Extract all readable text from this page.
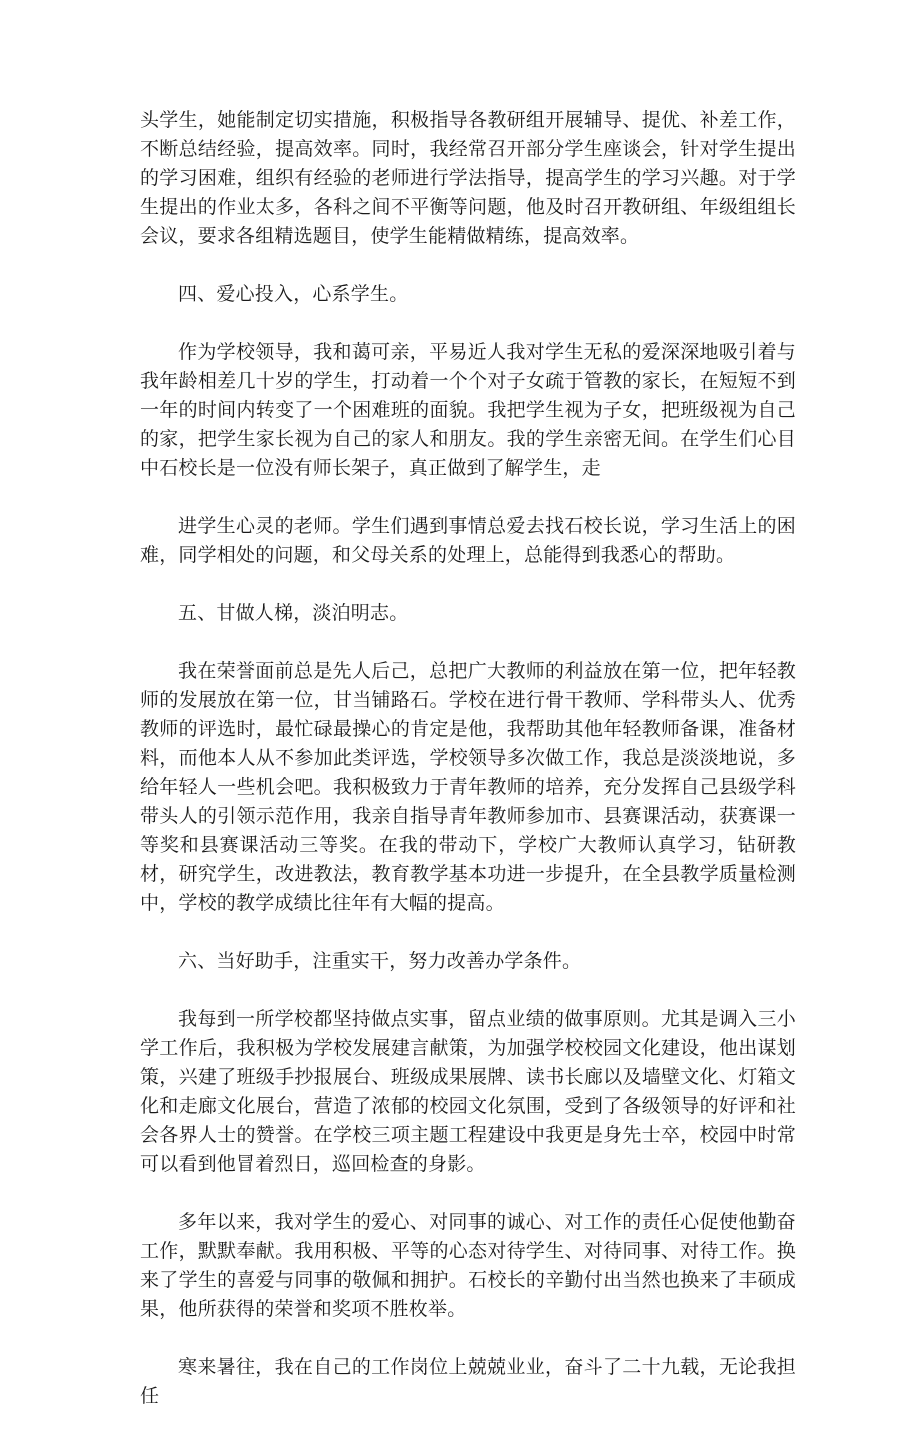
头学生，她能制定切实措施，积极指导各教研组开展辅导、提优、补差工作，不断总结经验，提高效率。同时，我经常召开部分学生座谈会，针对学生提出的学习困难，组织有经验的老师进行学法指导，提高学生的学习兴趣。对于学生提出的作业太多，各科之间不平衡等问题，他及时召开教研组、年级组组长会议，要求各组精选题目，使学生能精做精练，提高效率。

四、爱心投入，心系学生。

作为学校领导，我和蔼可亲，平易近人我对学生无私的爱深深地吸引着与我年龄相差几十岁的学生，打动着一个个对子女疏于管教的家长，在短短不到一年的时间内转变了一个困难班的面貌。我把学生视为子女，把班级视为自己的家，把学生家长视为自己的家人和朋友。我的学生亲密无间。在学生们心目中石校长是一位没有师长架子，真正做到了解学生，走

进学生心灵的老师。学生们遇到事情总爱去找石校长说，学习生活上的困难，同学相处的问题，和父母关系的处理上，总能得到我悉心的帮助。

五、甘做人梯，淡泊明志。

我在荣誉面前总是先人后己，总把广大教师的利益放在第一位，把年轻教师的发展放在第一位，甘当铺路石。学校在进行骨干教师、学科带头人、优秀教师的评选时，最忙碌最操心的肯定是他，我帮助其他年轻教师备课，准备材料，而他本人从不参加此类评选，学校领导多次做工作，我总是淡淡地说，多给年轻人一些机会吧。我积极致力于青年教师的培养，充分发挥自己县级学科带头人的引领示范作用，我亲自指导青年教师参加市、县赛课活动，获赛课一等奖和县赛课活动三等奖。在我的带动下，学校广大教师认真学习，钻研教材，研究学生，改进教法，教育教学基本功进一步提升，在全县教学质量检测中，学校的教学成绩比往年有大幅的提高。

六、当好助手，注重实干，努力改善办学条件。

我每到一所学校都坚持做点实事，留点业绩的做事原则。尤其是调入三小学工作后，我积极为学校发展建言献策，为加强学校校园文化建设，他出谋划策，兴建了班级手抄报展台、班级成果展牌、读书长廊以及墙壁文化、灯箱文化和走廊文化展台，营造了浓郁的校园文化氛围，受到了各级领导的好评和社会各界人士的赞誉。在学校三项主题工程建设中我更是身先士卒，校园中时常可以看到他冒着烈日，巡回检查的身影。

多年以来，我对学生的爱心、对同事的诚心、对工作的责任心促使他勤奋工作，默默奉献。我用积极、平等的心态对待学生、对待同事、对待工作。换来了学生的喜爱与同事的敬佩和拥护。石校长的辛勤付出当然也换来了丰硕成果，他所获得的荣誉和奖项不胜枚举。

寒来暑往，我在自己的工作岗位上兢兢业业，奋斗了二十九载，无论我担任
